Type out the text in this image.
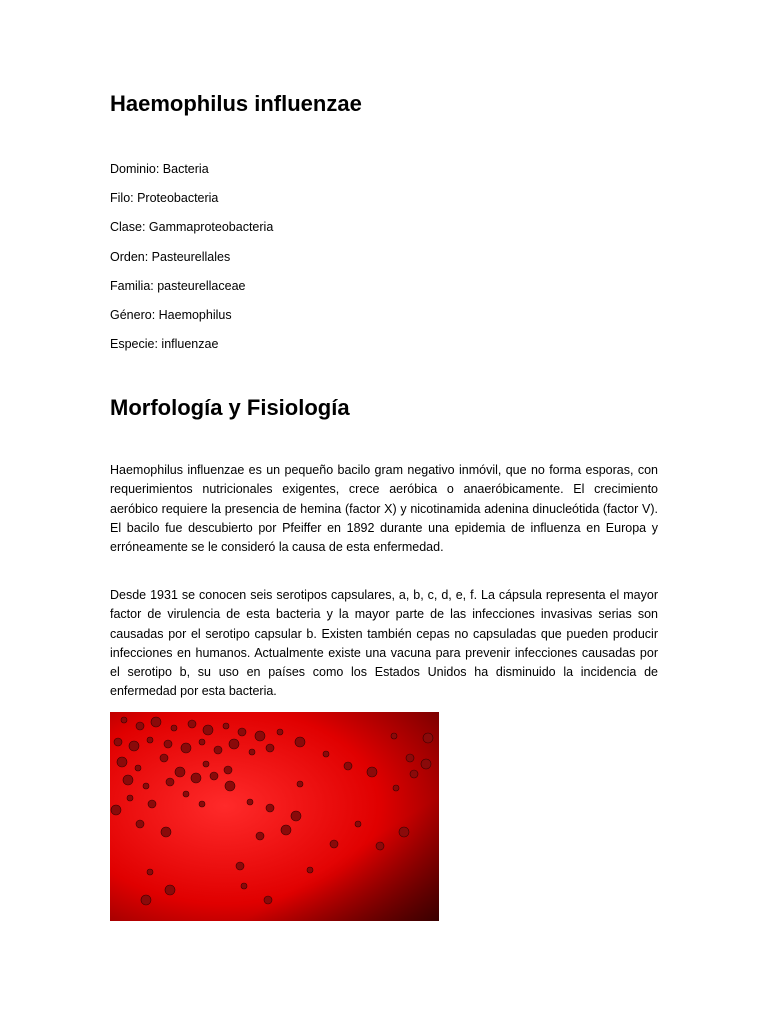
Haemophilus influenzae
Dominio: Bacteria
Filo: Proteobacteria
Clase: Gammaproteobacteria
Orden: Pasteurellales
Familia: pasteurellaceae
Género: Haemophilus
Especie: influenzae
Morfología y Fisiología

Haemophilus influenzae es un pequeño bacilo gram negativo inmóvil, que no forma esporas, con requerimientos nutricionales exigentes, crece aeróbica o anaeróbicamente. El crecimiento aeróbico requiere la presencia de hemina (factor X) y nicotinamida adenina dinucleótida (factor V). El bacilo fue descubierto por Pfeiffer en 1892 durante una epidemia de influenza en Europa y erróneamente se le consideró la causa de esta enfermedad.

Desde 1931 se conocen seis serotipos capsulares, a, b, c, d, e, f. La cápsula representa el mayor factor de virulencia de esta bacteria y la mayor parte de las infecciones invasivas serias son causadas por el serotipo capsular b. Existen también cepas no capsuladas que pueden producir infecciones en humanos. Actualmente existe una vacuna para prevenir infecciones causadas por el serotipo b, su uso en países como los Estados Unidos ha disminuido la incidencia de enfermedad por esta bacteria.
